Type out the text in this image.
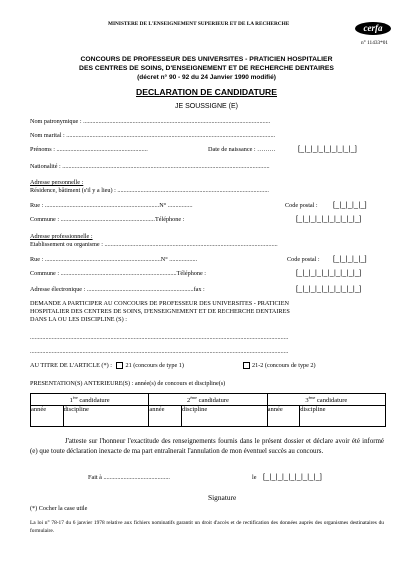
MINISTERE DE L'ENSEIGNEMENT SUPERIEUR ET DE LA RECHERCHE	cerfa
n° 11433*01
CONCOURS DE PROFESSEUR DES UNIVERSITES - PRATICIEN HOSPITALIER
DES CENTRES DE SOINS, D'ENSEIGNEMENT ET DE RECHERCHE DENTAIRES
(décret n° 90 - 92 du 24 Janvier 1990 modifié)
DECLARATION DE CANDIDATURE
JE SOUSSIGNE (E)
Nom patronymique : .........................................................................................................................
Nom marital : .......................................................................................................................................
Prénoms : ...........................................................	Date de naissance : ………	[_|_|_|_|_|_|_|_|_]
Nationalité : ......................................................................................................................................
Adresse personnelle :
Résidence, bâtiment (s'il y a lieu) : ..................................................................................................
Rue : ..........................................................................N° ................	Code postal : [_|_|_|_|_]
Commune : .............................................................Téléphone :	[_|_|_|_|_|_|_|_|_|_]
Adresse professionnelle :
Etablissement ou organisme : ................................................................................................................
Rue : ...........................................................................N° ..................	Code postal : [_|_|_|_|_]
Commune : ...........................................................................Téléphone :	[_|_|_|_|_|_|_|_|_|_]
Adresse électronique : .....................................................................fax :	[_|_|_|_|_|_|_|_|_|_]
DEMANDE A PARTICIPER AU CONCOURS DE PROFESSEUR DES UNIVERSITES - PRATICIEN
HOSPITALIER DES CENTRES DE SOINS, D'ENSEIGNEMENT ET DE RECHERCHE DENTAIRES
DANS LA OU LES DISCIPLINE (S) :
.......................................................................................................................................................................
.......................................................................................................................................................................
AU TITRE DE L'ARTICLE (*) : 21 (concours de type 1)	21-2 (concours de type 2)
PRESENTATION(S) ANTERIEURE(S) : année(s) de concours et discipline(s)
1ère candidature		2ème candidature		3ème candidature	
année	discipline	année	discipline	année	discipline
J'atteste sur l'honneur l'exactitude des renseignements fournis dans le présent dossier et déclare avoir été informé (e) que toute déclaration inexacte de ma part entraînerait l'annulation de mon éventuel succès au concours.
Fait à ...........................................	le [_|_|_|_|_|_|_|_|_]
Signature
(*) Cocher la case utile
La loi n° 78-17 du 6 janvier 1978 relative aux fichiers nominatifs garantit un droit d'accès et de rectification des données auprès des organismes destinataires du formulaire.
